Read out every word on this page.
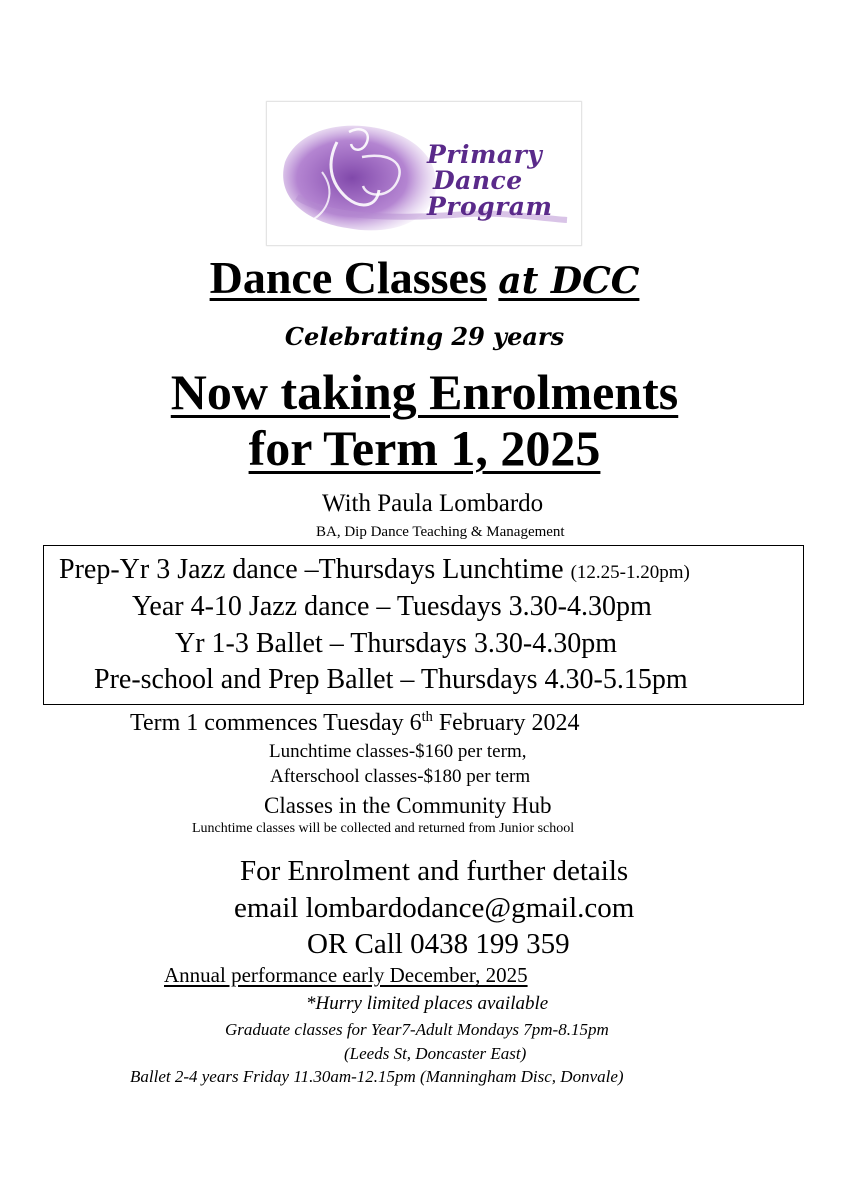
Primary
Dance
Program
Dance Classes at DCC
Celebrating 29 years
Now taking Enrolments
for Term 1, 2025
With Paula Lombardo
BA, Dip Dance Teaching & Management
Prep-Yr 3 Jazz dance –Thursdays Lunchtime (12.25-1.20pm)
Year 4-10 Jazz dance – Tuesdays 3.30-4.30pm
Yr 1-3 Ballet – Thursdays 3.30-4.30pm
Pre-school and Prep Ballet – Thursdays 4.30-5.15pm
Term 1 commences Tuesday 6th February 2024
Lunchtime classes-$160 per term,
Afterschool classes-$180 per term
Classes in the Community Hub
Lunchtime classes will be collected and returned from Junior school
For Enrolment and further details
email lombardodance@gmail.com
OR Call 0438 199 359
Annual performance early December, 2025
*Hurry limited places available
Graduate classes for Year7-Adult Mondays 7pm-8.15pm
(Leeds St, Doncaster East)
Ballet 2-4 years Friday 11.30am-12.15pm (Manningham Disc, Donvale)
